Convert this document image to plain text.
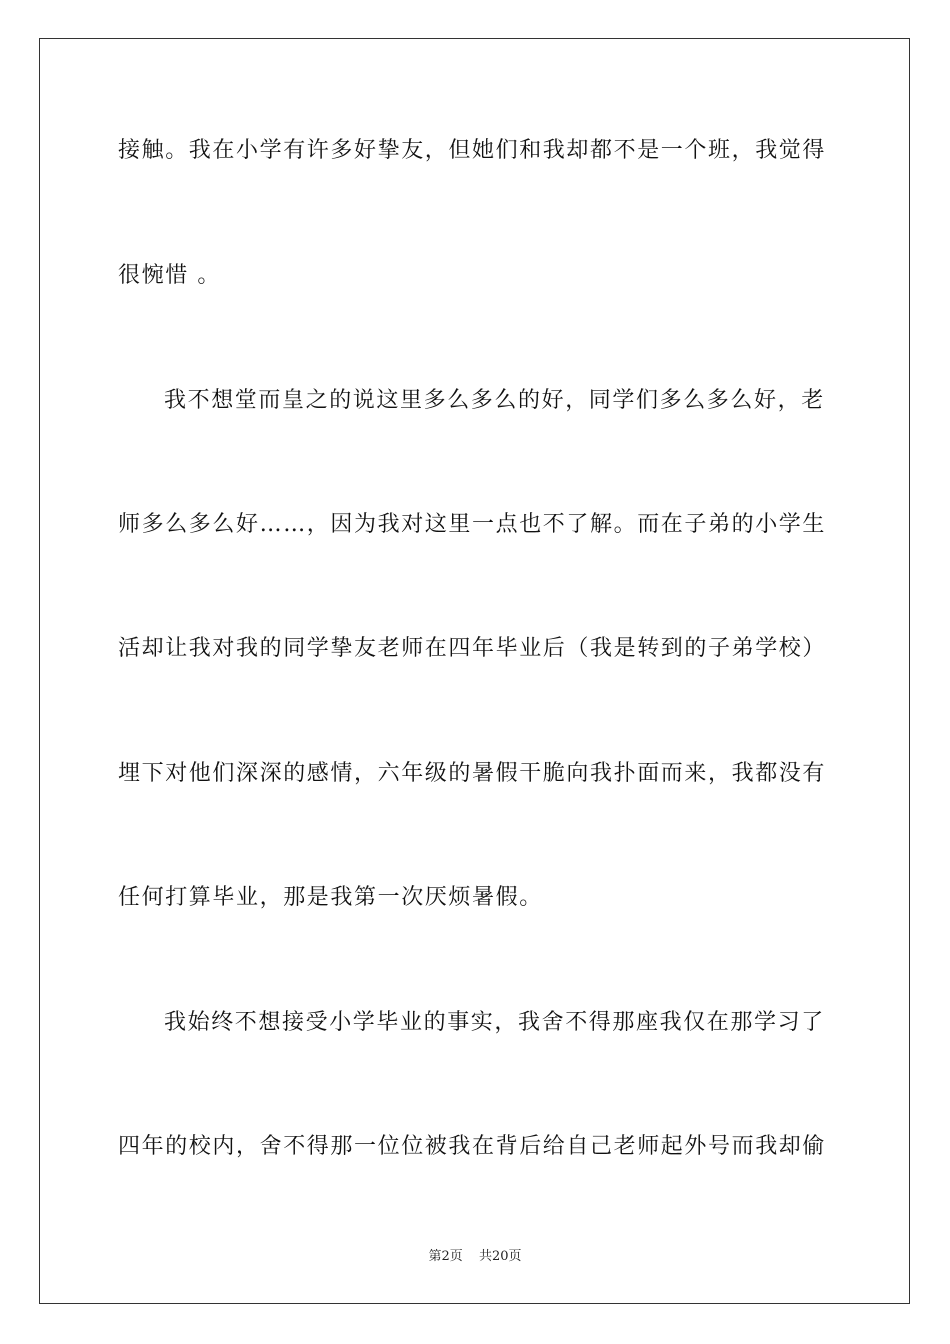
接触。我在小学有许多好挚友，但她们和我却都不是一个班，我觉得
很惋惜 。
我不想堂而皇之的说这里多么多么的好，同学们多么多么好，老
师多么多么好……，因为我对这里一点也不了解。而在子弟的小学生
活却让我对我的同学挚友老师在四年毕业后（我是转到的子弟学校）
埋下对他们深深的感情，六年级的暑假干脆向我扑面而来，我都没有
任何打算毕业，那是我第一次厌烦暑假。
我始终不想接受小学毕业的事实，我舍不得那座我仅在那学习了
四年的校内，舍不得那一位位被我在背后给自己老师起外号而我却偷
第2页 共20页
